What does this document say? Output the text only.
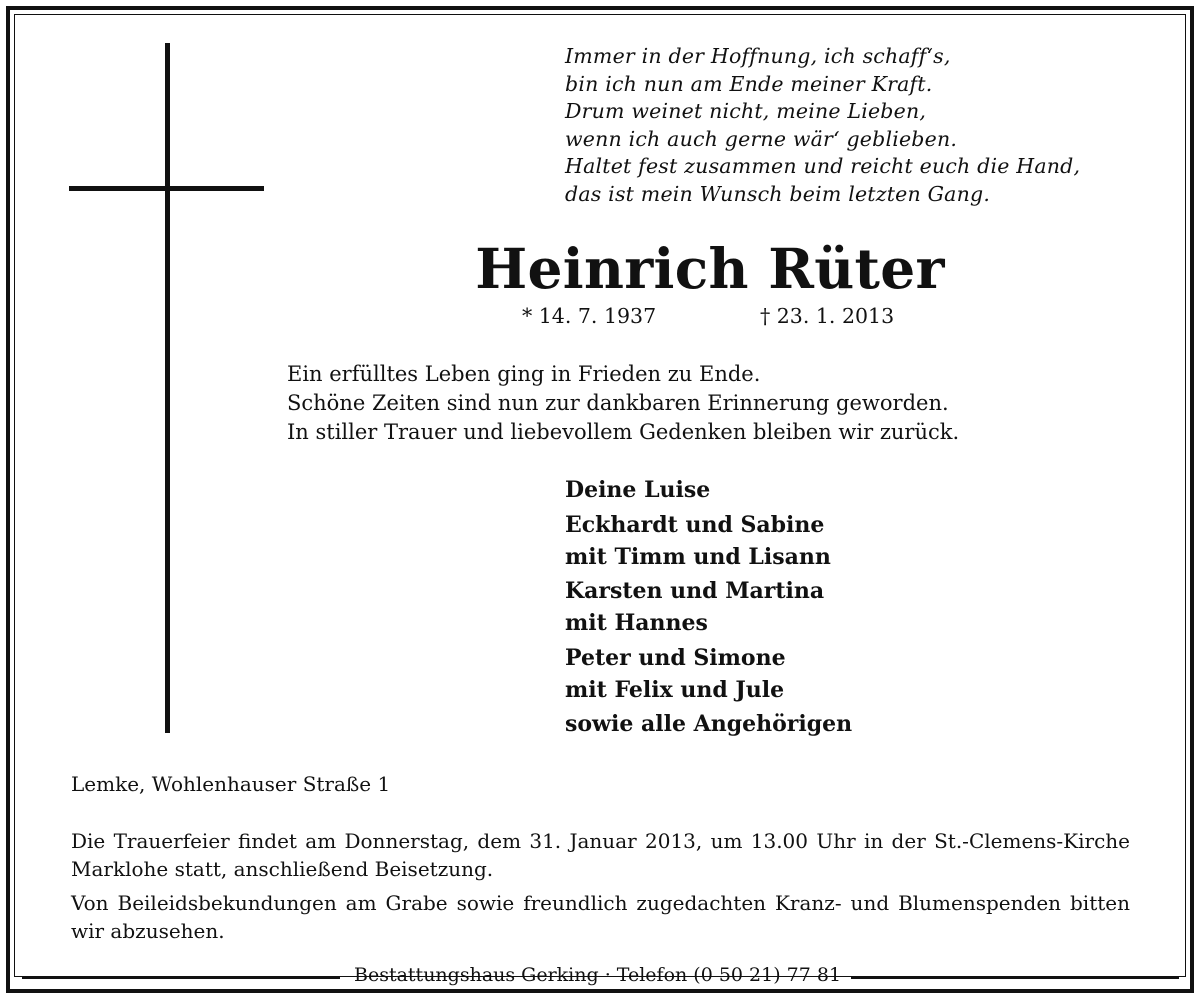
Immer in der Hoffnung, ich schaff‘s,
bin ich nun am Ende meiner Kraft.
Drum weinet nicht, meine Lieben,
wenn ich auch gerne wär‘ geblieben.
Haltet fest zusammen und reicht euch die Hand,
das ist mein Wunsch beim letzten Gang.
Heinrich Rüter
* 14. 7. 1937	† 23. 1. 2013
Ein erfülltes Leben ging in Frieden zu Ende.
Schöne Zeiten sind nun zur dankbaren Erinnerung geworden.
In stiller Trauer und liebevollem Gedenken bleiben wir zurück.
Deine Luise
Eckhardt und Sabine
mit Timm und Lisann
Karsten und Martina
mit Hannes
Peter und Simone
mit Felix und Jule
sowie alle Angehörigen
Lemke, Wohlenhauser Straße 1
Die Trauerfeier findet am Donnerstag, dem 31. Januar 2013, um 13.00 Uhr in der St.-Clemens-Kirche Marklohe statt, anschließend Beisetzung.
Von Beileidsbekundungen am Grabe sowie freundlich zugedachten Kranz- und Blumenspenden bitten wir abzusehen.
Bestattungshaus Gerking · Telefon (0 50 21) 77 81
